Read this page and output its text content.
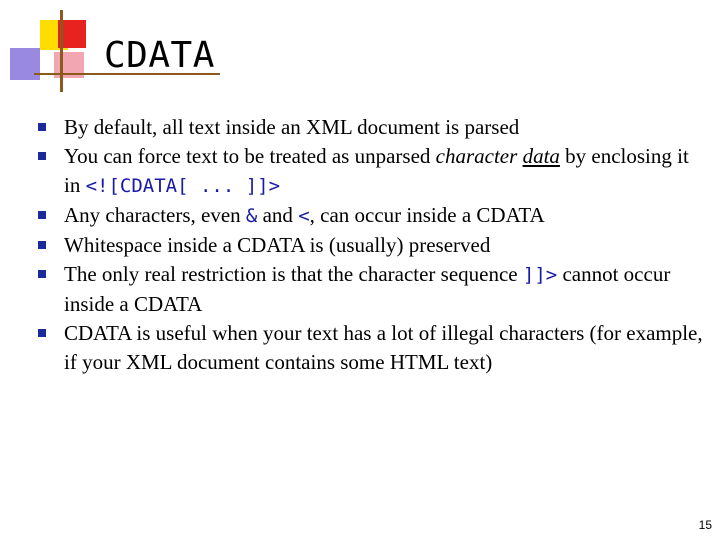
CDATA
By default, all text inside an XML document is parsed
You can force text to be treated as unparsed character data by enclosing it in <![CDATA[ ... ]]>
Any characters, even & and <, can occur inside a CDATA
Whitespace inside a CDATA is (usually) preserved
The only real restriction is that the character sequence ]]> cannot occur inside a CDATA
CDATA is useful when your text has a lot of illegal characters (for example, if your XML document contains some HTML text)
15
